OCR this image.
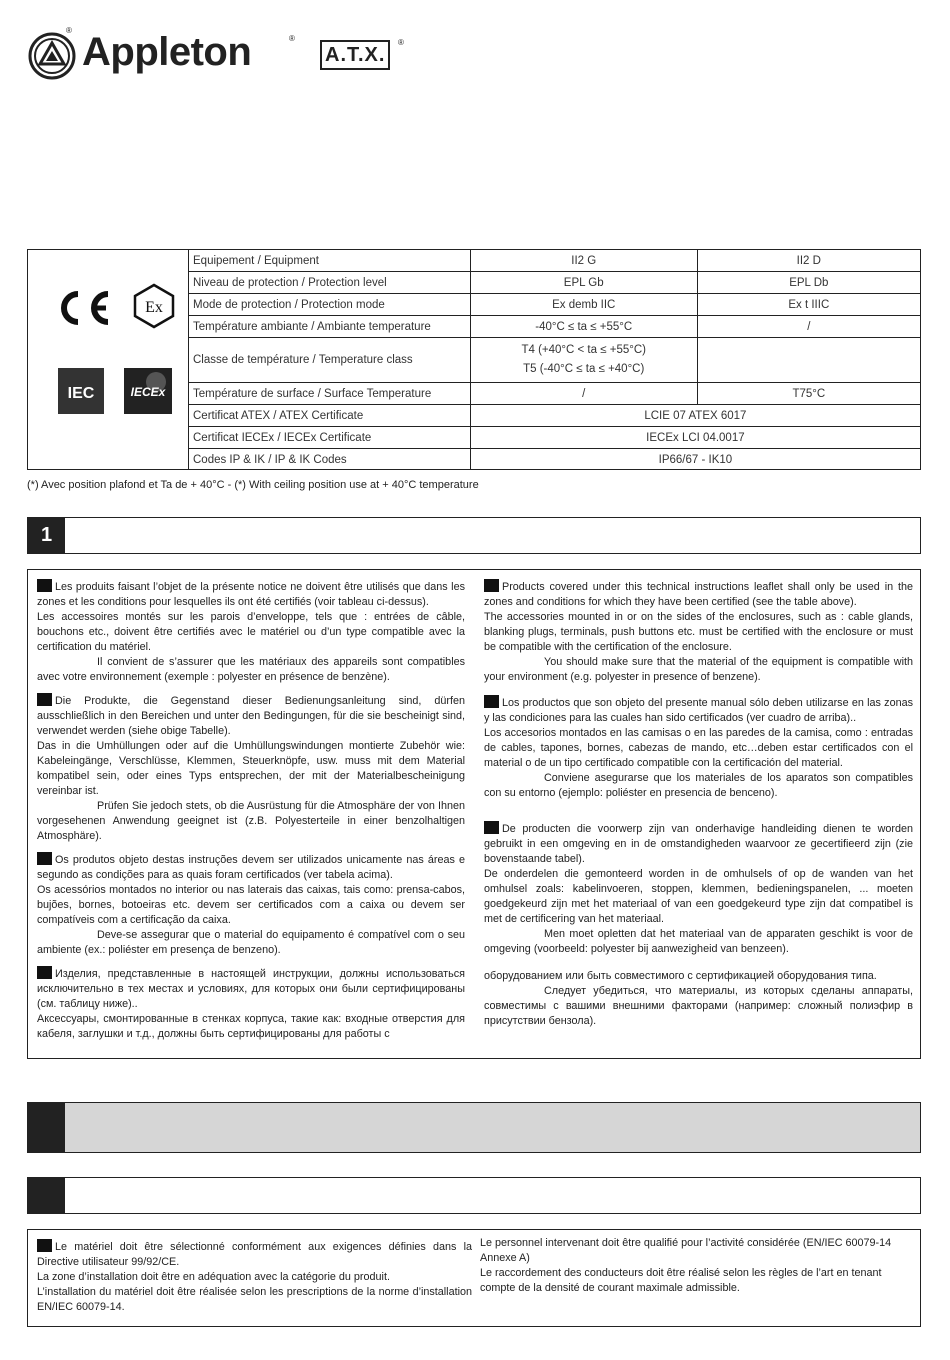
® Appleton	®
A.T.X.
®
Ex
IEC	IECEx
Equipement / Equipment	II2 G	II2 D
Niveau de protection / Protection level	EPL Gb	EPL Db
Mode de protection / Protection mode	Ex demb IIC	Ex t IIIC
Température ambiante / Ambiante temperature	-40°C ≤ ta ≤ +55°C	/
Classe de température / Temperature class	T4 (+40°C < ta ≤ +55°C)
T5 (-40°C ≤ ta ≤ +40°C)	

Température de surface / Surface Temperature	/	T75°C
Certificat ATEX / ATEX Certificate	LCIE 07 ATEX 6017	
Certificat IECEx / IECEx Certificate	IECEx LCI 04.0017	
Codes IP & IK / IP & IK Codes	IP66/67 - IK10	
(*) Avec position plafond et Ta de + 40°C - (*) With ceiling position use at + 40°C temperature
1

Les produits faisant l’objet de la présente notice ne doivent être utilisés que dans les zones et les conditions pour lesquelles ils ont été certifiés (voir tableau ci-dessus).
Les accessoires montés sur les parois d’enveloppe, tels que : entrées de câble, bouchons etc., doivent être certifiés avec le matériel ou d’un type compatible avec la certification du matériel.
Il convient de s’assurer que les matériaux des appareils sont compatibles avec votre environnement (exemple : polyester en présence de benzène).

Die Produkte, die Gegenstand dieser Bedienungsanleitung sind, dürfen ausschließlich in den Bereichen und unter den Bedingungen, für die sie bescheinigt sind, verwendet werden (siehe obige Tabelle).
Das in die Umhüllungen oder auf die Umhüllungswindungen montierte Zubehör wie: Kabeleingänge, Verschlüsse, Klemmen, Steuerknöpfe, usw. muss mit dem Material kompatibel sein, oder eines Typs entsprechen, der mit der Materialbescheinigung vereinbar ist.
Prüfen Sie jedoch stets, ob die Ausrüstung für die Atmosphäre der von Ihnen vorgesehenen Anwendung geeignet ist (z.B. Polyesterteile in einer benzolhaltigen Atmosphäre).

Os produtos objeto destas instruções devem ser utilizados unicamente nas áreas e segundo as condições para as quais foram certificados (ver tabela acima).
Os acessórios montados no interior ou nas laterais das caixas, tais como: prensa-cabos, bujões, bornes, botoeiras etc. devem ser certificados com a caixa ou devem ser compatíveis com a certificação da caixa.
Deve-se assegurar que o material do equipamento é compatível com o seu ambiente (ex.: poliéster em presença de benzeno).

Изделия, представленные в настоящей инструкции, должны использоваться исключительно в тех местах и условиях, для которых они были сертифицированы (см. таблицу ниже)..
Аксессуары, смонтированные в стенках корпуса, такие как: входные отверстия для кабеля, заглушки и т.д., должны быть сертифицированы для работы с

Products covered under this technical instructions leaflet shall only be used in the zones and conditions for which they have been certified (see the table above).
The accessories mounted in or on the sides of the enclosures, such as : cable glands, blanking plugs, terminals, push buttons etc. must be certified with the enclosure or must be compatible with the certification of the enclosure.
You should make sure that the material of the equipment is compatible with your environment (e.g. polyester in presence of benzene).

Los productos que son objeto del presente manual sólo deben utilizarse en las zonas y las condiciones para las cuales han sido certificados (ver cuadro de arriba)..
Los accesorios montados en las camisas o en las paredes de la camisa, como : entradas de cables, tapones, bornes, cabezas de mando, etc…deben estar certificados con el material o de un tipo certificado compatible con la certificación del material.
Conviene asegurarse que los materiales de los aparatos son compatibles con su entorno (ejemplo: poliéster en presencia de benceno).

De producten die voorwerp zijn van onderhavige handleiding dienen te worden gebruikt in een omgeving en in de omstandigheden waarvoor ze gecertifieerd zijn (zie bovenstaande tabel).
De onderdelen die gemonteerd worden in de omhulsels of op de wanden van het omhulsel zoals: kabelinvoeren, stoppen, klemmen, bedieningspanelen, ... moeten goedgekeurd zijn met het materiaal of van een goedgekeurd type zijn dat compatibel is met de certificering van het materiaal.
Men moet opletten dat het materiaal van de apparaten geschikt is voor de omgeving (voorbeeld: polyester bij aanwezigheid van benzeen).

оборудованием или быть совместимого с сертификацией оборудования типа.
Следует убедиться, что материалы, из которых сделаны аппараты, совместимы с вашими внешними факторами (например: сложный полиэфир в присутствии бензола).

Le matériel doit être sélectionné conformément aux exigences définies dans la Directive utilisateur 99/92/CE.
La zone d’installation doit être en adéquation avec la catégorie du produit.
L’installation du matériel doit être réalisée selon les prescriptions de la norme d’installation EN/IEC 60079-14.

Le personnel intervenant doit être qualifié pour l’activité considérée (EN/IEC 60079-14 Annexe A)
Le raccordement des conducteurs doit être réalisé selon les règles de l’art en tenant compte de la densité de courant maximale admissible.
